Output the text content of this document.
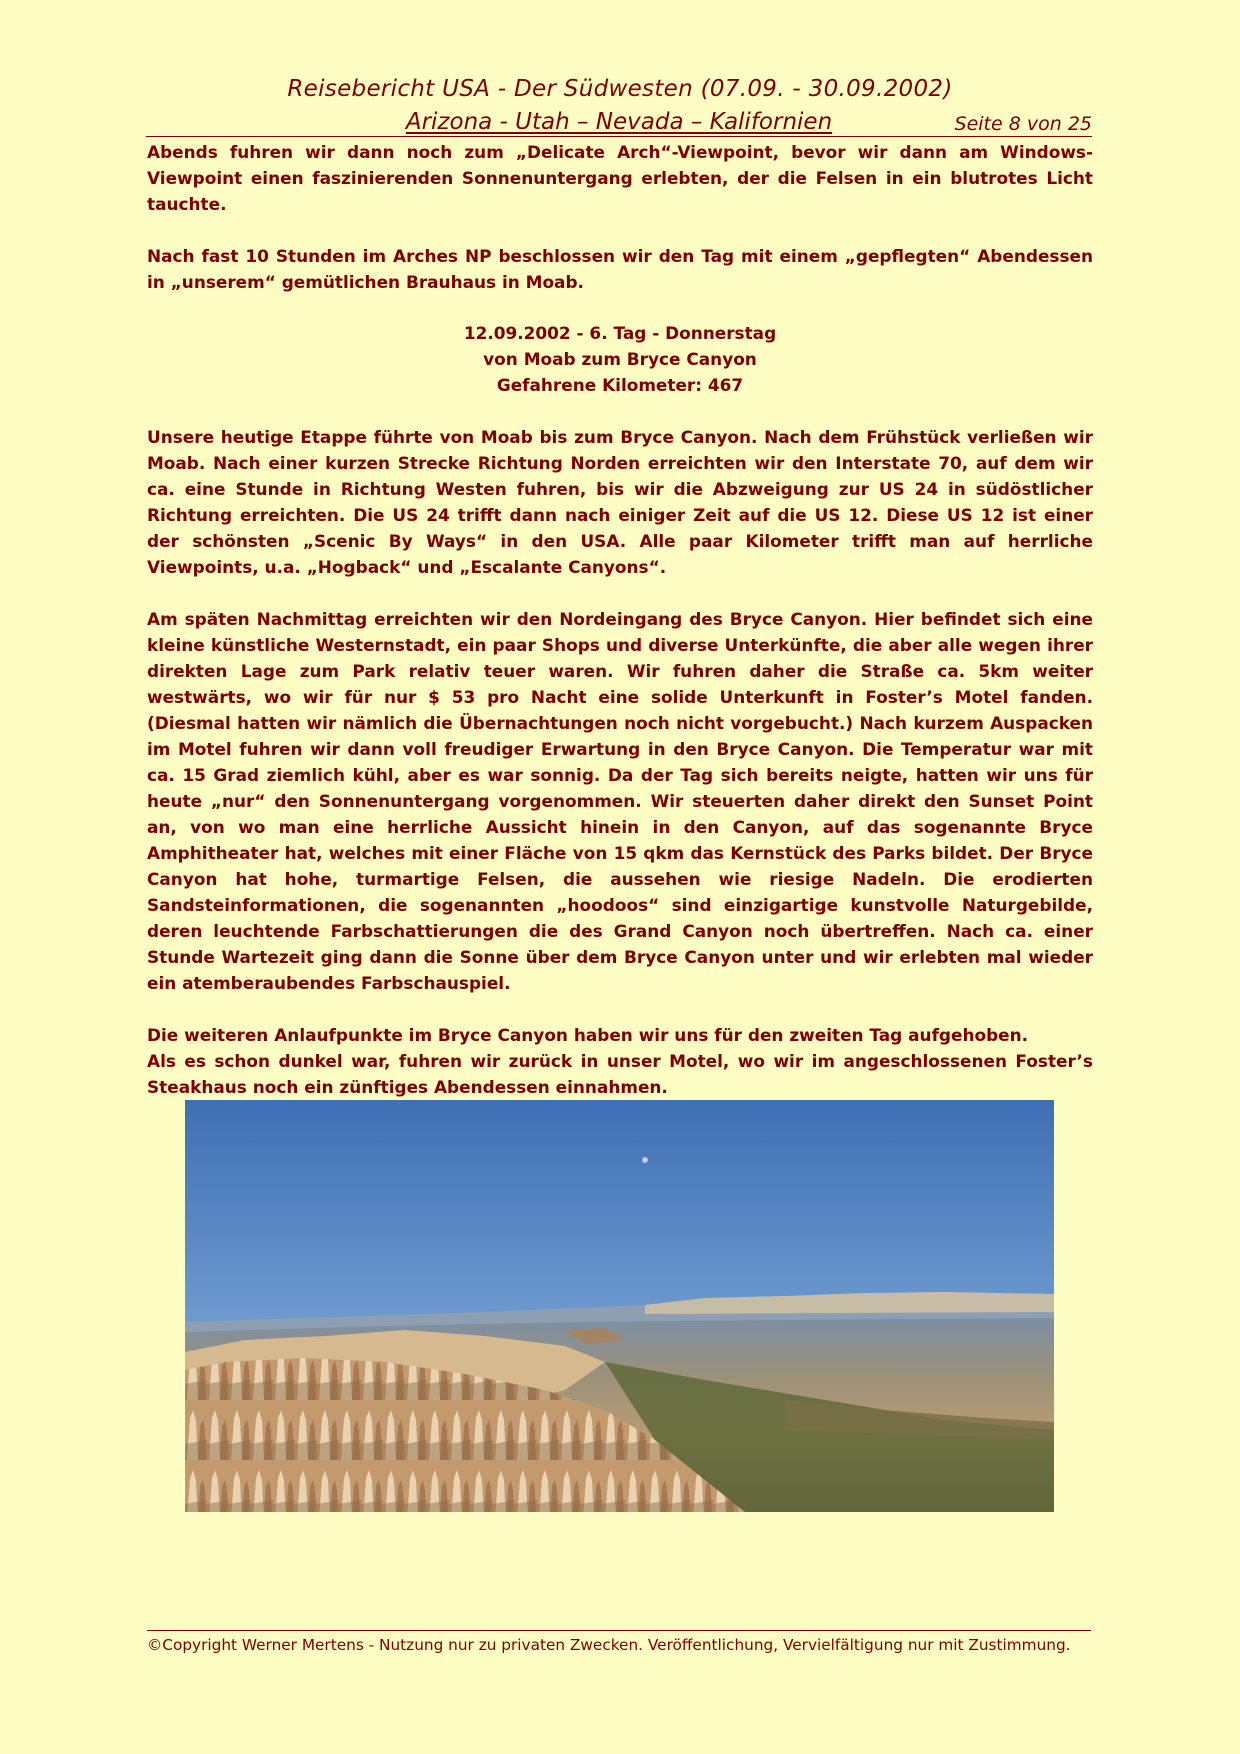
Reisebericht USA - Der Südwesten (07.09. - 30.09.2002)
Arizona - Utah – Nevada – Kalifornien	Seite 8 von 25

Abends fuhren wir dann noch zum „Delicate Arch“-Viewpoint, bevor wir dann am Windows-Viewpoint einen faszinierenden Sonnenuntergang erlebten, der die Felsen in ein blutrotes Licht tauchte.

Nach fast 10 Stunden im Arches NP beschlossen wir den Tag mit einem „gepflegten“ Abendessen in „unserem“ gemütlichen Brauhaus in Moab.

12.09.2002 - 6. Tag - Donnerstag
von Moab zum Bryce Canyon
Gefahrene Kilometer: 467

Unsere heutige Etappe führte von Moab bis zum Bryce Canyon. Nach dem Frühstück verließen wir Moab. Nach einer kurzen Strecke Richtung Norden erreichten wir den Interstate 70, auf dem wir ca. eine Stunde in Richtung Westen fuhren, bis wir die Abzweigung zur US 24 in südöstlicher Richtung erreichten. Die US 24 trifft dann nach einiger Zeit auf die US 12. Diese US 12 ist einer der schönsten „Scenic By Ways“ in den USA. Alle paar Kilometer trifft man auf herrliche Viewpoints, u.a. „Hogback“ und „Escalante Canyons“.

Am späten Nachmittag erreichten wir den Nordeingang des Bryce Canyon. Hier befindet sich eine kleine künstliche Westernstadt, ein paar Shops und diverse Unterkünfte, die aber alle wegen ihrer direkten Lage zum Park relativ teuer waren. Wir fuhren daher die Straße ca. 5km weiter westwärts, wo wir für nur $ 53 pro Nacht eine solide Unterkunft in Foster’s Motel fanden. (Diesmal hatten wir nämlich die Übernachtungen noch nicht vorgebucht.) Nach kurzem Auspacken im Motel fuhren wir dann voll freudiger Erwartung in den Bryce Canyon. Die Temperatur war mit ca. 15 Grad ziemlich kühl, aber es war sonnig. Da der Tag sich bereits neigte, hatten wir uns für heute „nur“ den Sonnenuntergang vorgenommen. Wir steuerten daher direkt den Sunset Point an, von wo man eine herrliche Aussicht hinein in den Canyon, auf das sogenannte Bryce Amphitheater hat, welches mit einer Fläche von 15 qkm das Kernstück des Parks bildet. Der Bryce Canyon hat hohe, turmartige Felsen, die aussehen wie riesige Nadeln. Die erodierten Sandsteinformationen, die sogenannten „hoodoos“ sind einzigartige kunstvolle Naturgebilde, deren leuchtende Farbschattierungen die des Grand Canyon noch übertreffen. Nach ca. einer Stunde Wartezeit ging dann die Sonne über dem Bryce Canyon unter und wir erlebten mal wieder ein atemberaubendes Farbschauspiel.

Die weiteren Anlaufpunkte im Bryce Canyon haben wir uns für den zweiten Tag aufgehoben.

Als es schon dunkel war, fuhren wir zurück in unser Motel, wo wir im angeschlossenen Foster’s Steakhaus noch ein zünftiges Abendessen einnahmen.

©Copyright Werner Mertens - Nutzung nur zu privaten Zwecken. Veröffentlichung, Vervielfältigung nur mit Zustimmung.
